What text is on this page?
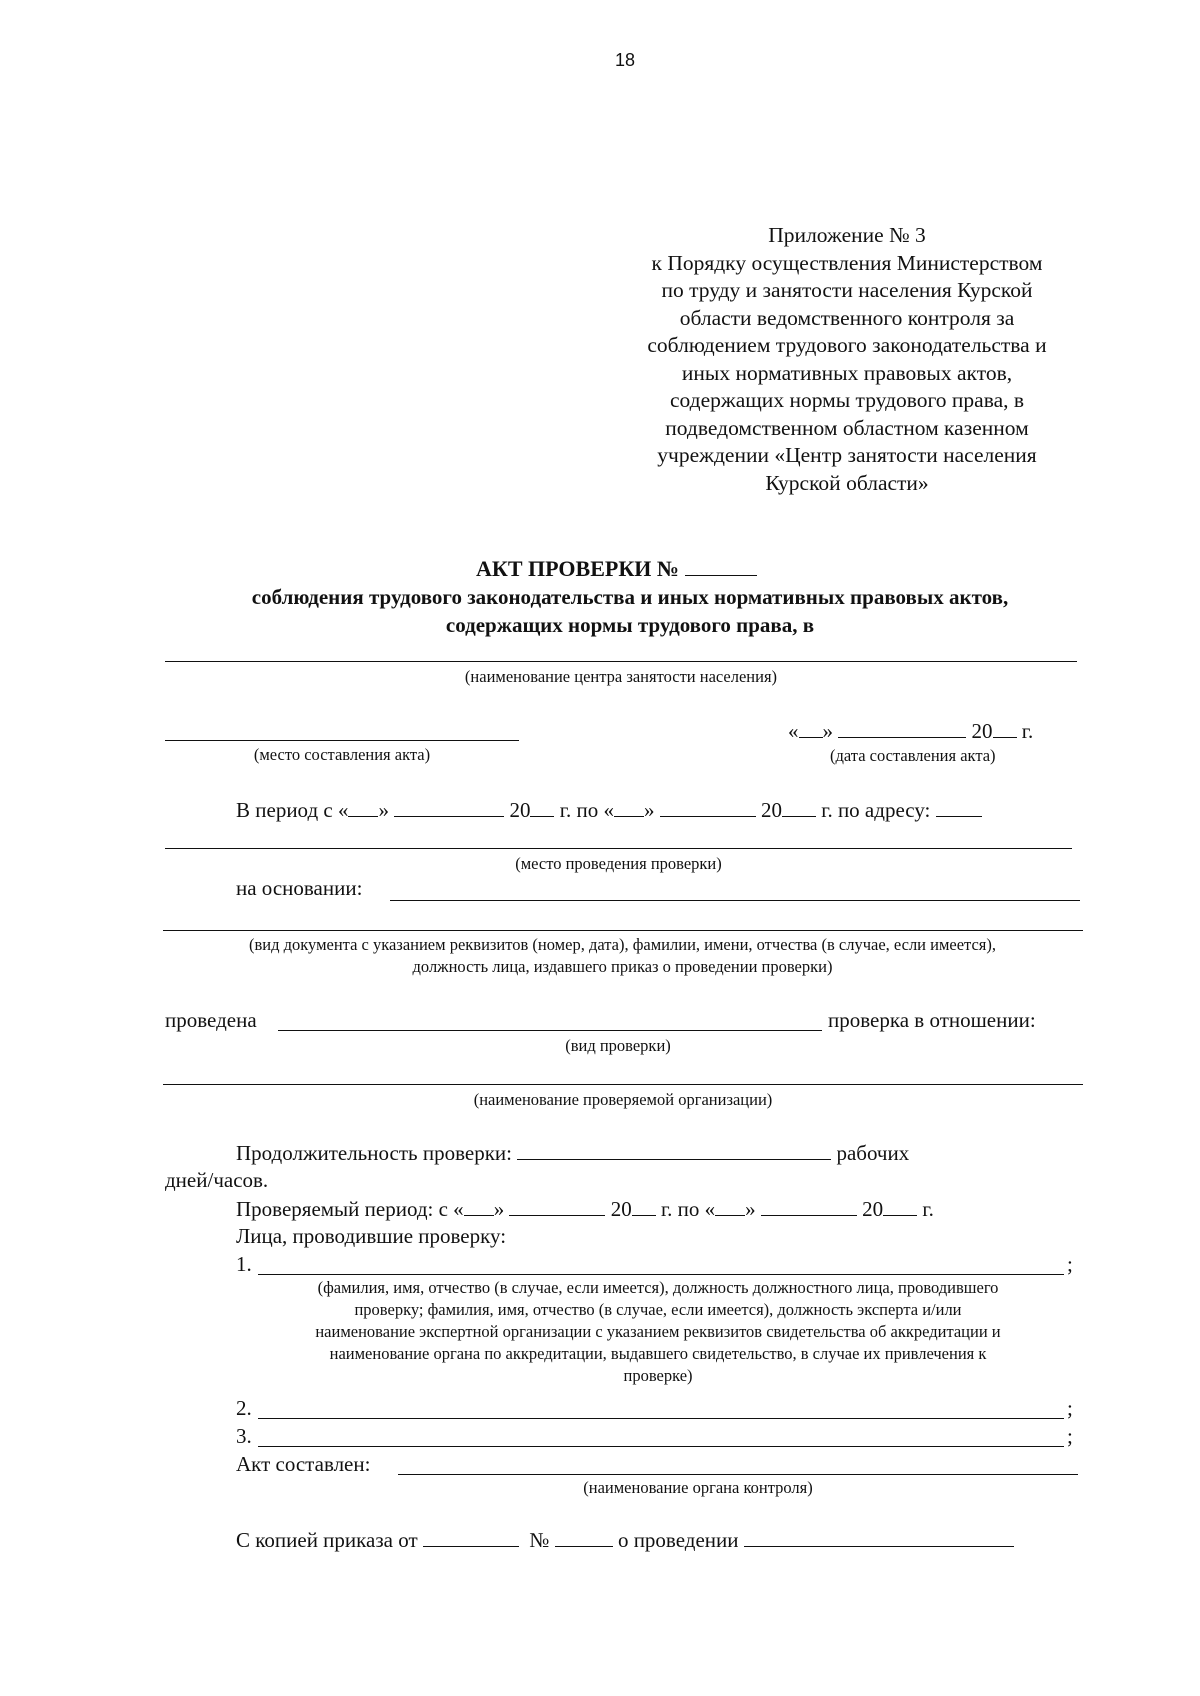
18
Приложение № 3
к Порядку осуществления Министерством
по труду и занятости населения Курской
области ведомственного контроля за
соблюдением трудового законодательства и
иных нормативных правовых актов,
содержащих нормы трудового права, в
подведомственном областном казенном
учреждении «Центр занятости населения
Курской области»
АКТ ПРОВЕРКИ №
соблюдения трудового законодательства и иных нормативных правовых актов,
содержащих нормы трудового права, в
(наименование центра занятости населения)
« »	20 г.
(место составления акта)	(дата составления акта)
В период с « »	20 г. по « »	20 г. по адресу:
(место проведения проверки)
на основании:
(вид документа с указанием реквизитов (номер, дата), фамилии, имени, отчества (в случае, если имеется),
должность лица, издавшего приказ о проведении проверки)
проведена	проверка в отношении:
(вид проверки)
(наименование проверяемой организации)
Продолжительность проверки:	рабочих
дней/часов.
Проверяемый период: с « »	20 г. по « »	20 г.
Лица, проводившие проверку:
1.	;
(фамилия, имя, отчество (в случае, если имеется), должность должностного лица, проводившего
проверку; фамилия, имя, отчество (в случае, если имеется), должность эксперта и/или
наименование экспертной организации с указанием реквизитов свидетельства об аккредитации и
наименование органа по аккредитации, выдавшего свидетельство, в случае их привлечения к
проверке)
2.	;
3.	;
Акт составлен:
(наименование органа контроля)
С копией приказа от	№	о проведении
